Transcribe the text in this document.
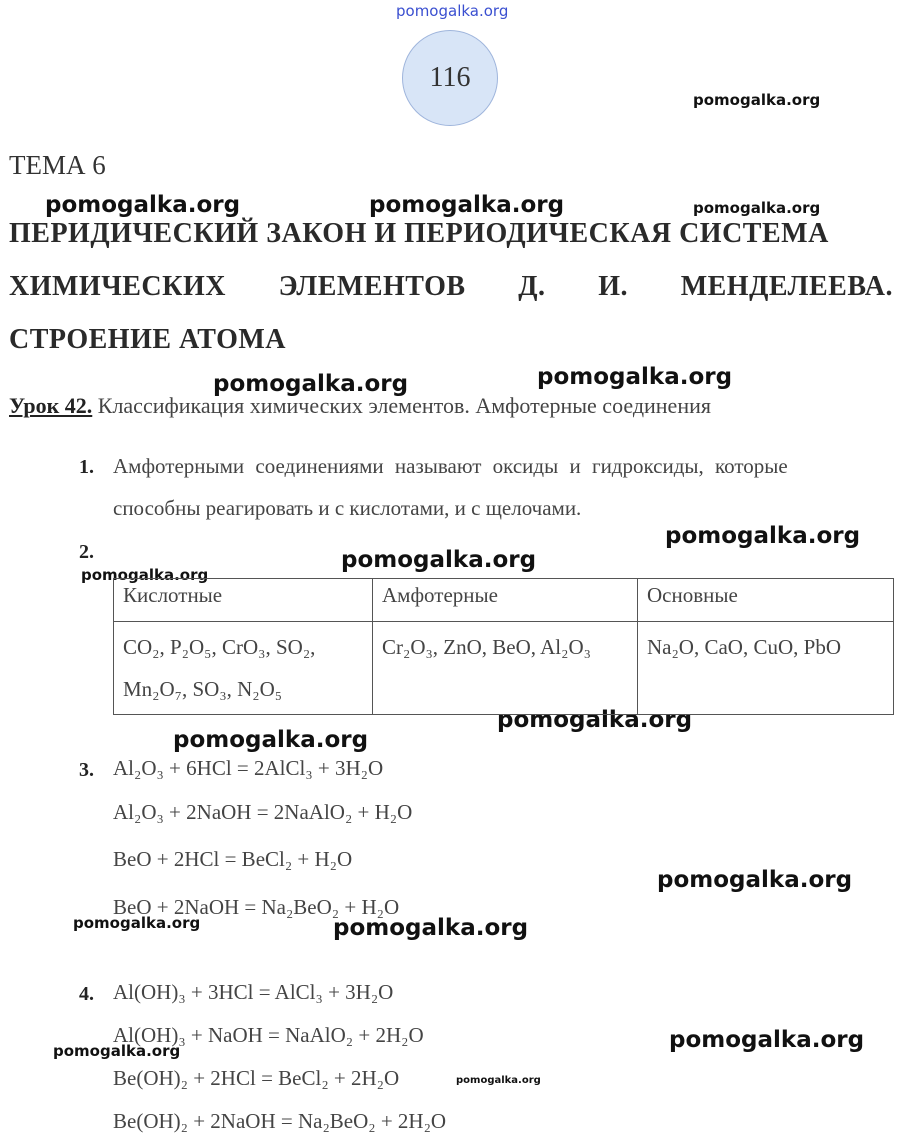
pomogalka.org
pomogalka.org
pomogalka.org	pomogalka.org	pomogalka.org
pomogalka.org	pomogalka.org
pomogalka.org
pomogalka.org
pomogalka.org
pomogalka.org
pomogalka.org
pomogalka.org
pomogalka.org	pomogalka.org
pomogalka.org
pomogalka.org
pomogalka.org
116
ТЕМА 6
ПЕРИДИЧЕСКИЙ ЗАКОН И ПЕРИОДИЧЕСКАЯ СИСТЕМА
ХИМИЧЕСКИХ ЭЛЕМЕНТОВ Д. И. МЕНДЕЛЕЕВА.
СТРОЕНИЕ АТОМА
Урок 42. Классификация химических элементов. Амфотерные соединения
1. Амфотерными соединениями называют оксиды и гидроксиды, которые
способны реагировать и с кислотами, и с щелочами.
2.
Кислотные	Амфотерные	Основные

CO₂, P₂O₅, CrO₃, SO₂,
Mn₂O₇, SO₃, N₂O₅	Cr₂O₃, ZnO, BeO, Al₂O₃	Na₂O, CaO, CuO, PbO
3. Al₂O₃ + 6HCl = 2AlCl₃ + 3H₂O
Al₂O₃ + 2NaOH = 2NaAlO₂ + H₂O
BeO + 2HCl = BeCl₂ + H₂O
BeO + 2NaOH = Na₂BeO₂ + H₂O
4. Al(OH)₃ + 3HCl = AlCl₃ + 3H₂O
Al(OH)₃ + NaOH = NaAlO₂ + 2H₂O
Be(OH)₂ + 2HCl = BeCl₂ + 2H₂O
Be(OH)₂ + 2NaOH = Na₂BeO₂ + 2H₂O
